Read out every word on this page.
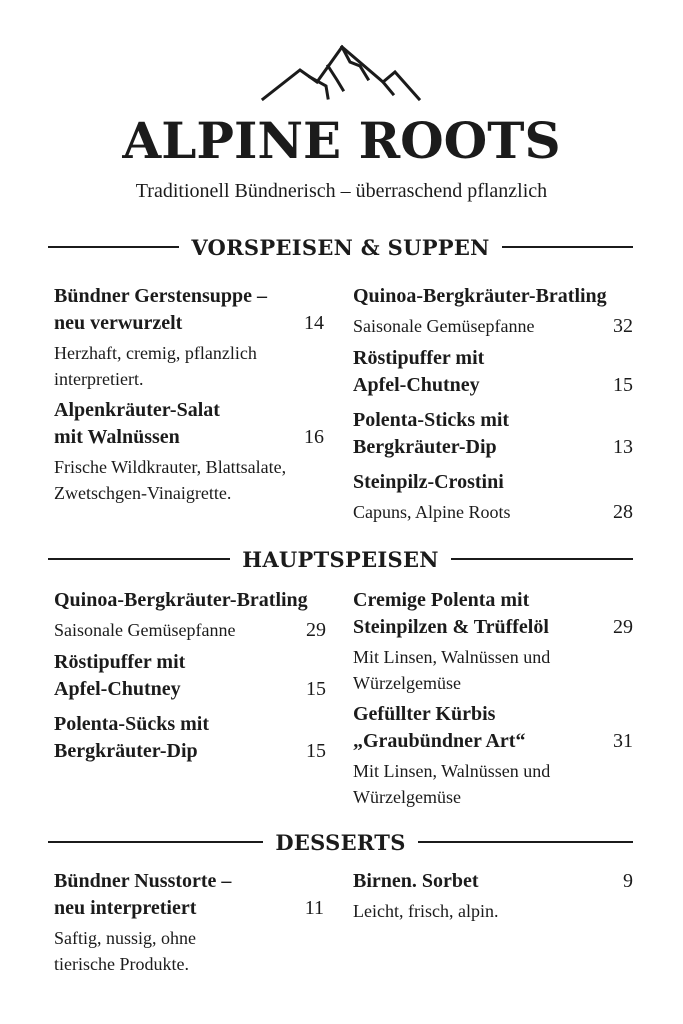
ALPINE ROOTS
Traditionell Bündnerisch – überraschend pflanzlich
VORSPEISEN & SUPPEN
Bündner Gerstensuppe –
neu verwurzelt	14
Herzhaft, cremig, pflanzlich
interpretiert.
Alpenkräuter-Salat
mit Walnüssen	16
Frische Wildkrauter, Blattsalate,
Zwetschgen-Vinaigrette.
Quinoa-Bergkräuter-Bratling
32
Saisonale Gemüsepfanne
Röstipuffer mit
Apfel-Chutney	15
Polenta-Sticks mit
Bergkräuter-Dip	13
Steinpilz-Crostini
28
Capuns, Alpine Roots
HAUPTSPEISEN
Quinoa-Bergkräuter-Bratling
29
Saisonale Gemüsepfanne
Röstipuffer mit
Apfel-Chutney	15
Polenta-Sücks mit
Bergkräuter-Dip	15
Cremige Polenta mit
Steinpilzen & Trüffelöl	29
Mit Linsen, Walnüssen und
Würzelgemüse
Gefüllter Kürbis
„Graubündner Art“	31
Mit Linsen, Walnüssen und
Würzelgemüse
DESSERTS
Bündner Nusstorte –
neu interpretiert	11
Saftig, nussig, ohne
tierische Produkte.
Birnen. Sorbet	9
Leicht, frisch, alpin.
